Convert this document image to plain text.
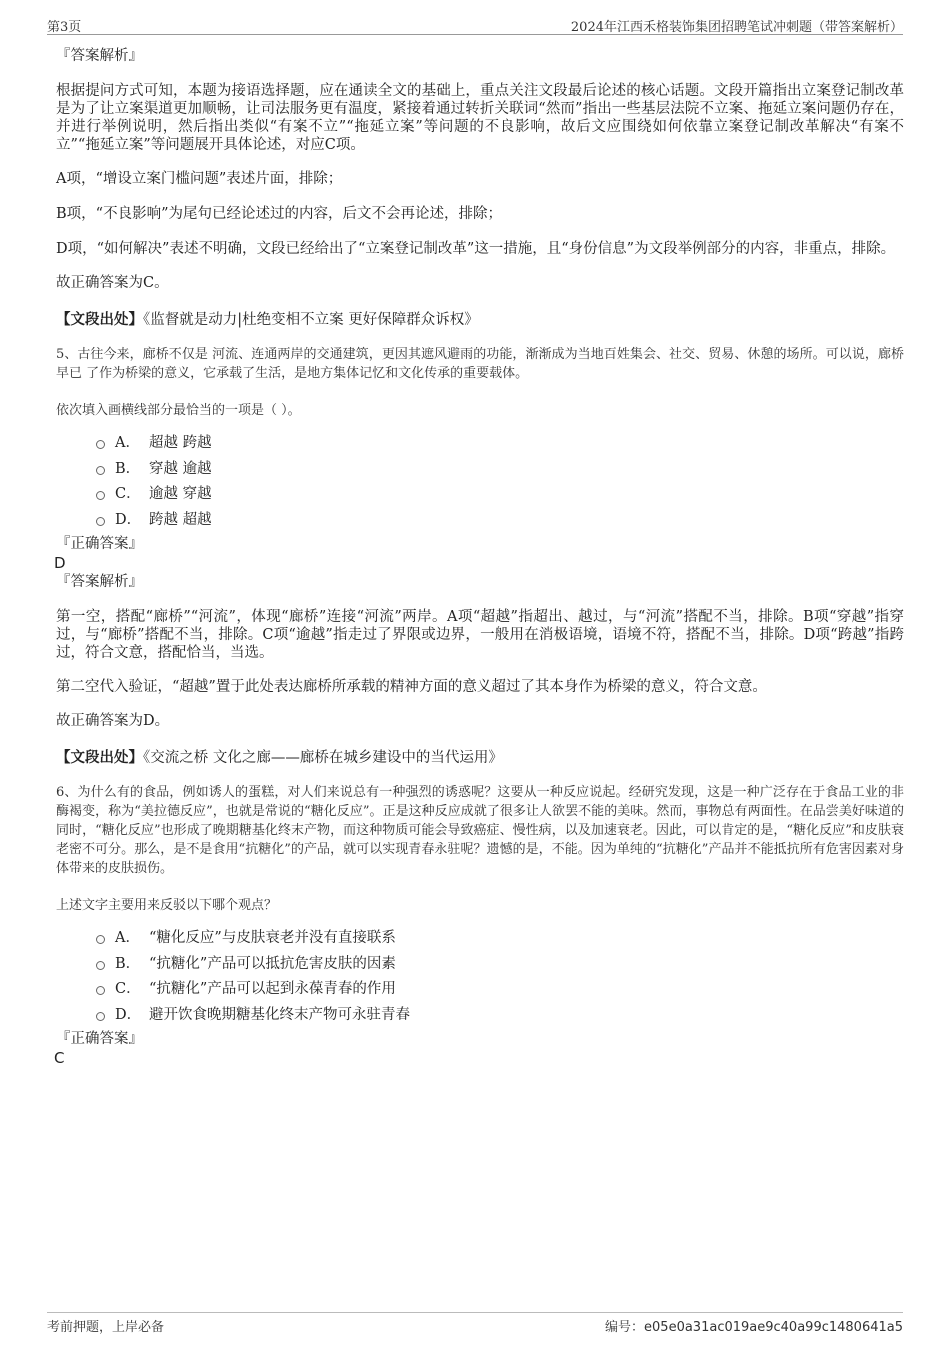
第3页	2024年江西禾格装饰集团招聘笔试冲刺题（带答案解析）

『答案解析』

根据提问方式可知，本题为接语选择题，应在通读全文的基础上，重点关注文段最后论述的核心话题。文段开篇指出立案登记制改革是为了让立案渠道更加顺畅，让司法服务更有温度，紧接着通过转折关联词“然而”指出一些基层法院不立案、拖延立案问题仍存在，并进行举例说明，然后指出类似“有案不立”“拖延立案”等问题的不良影响，故后文应围绕如何依靠立案登记制改革解决“有案不立”“拖延立案”等问题展开具体论述，对应C项。

A项，“增设立案门槛问题”表述片面，排除；

B项，“不良影响”为尾句已经论述过的内容，后文不会再论述，排除；

D项，“如何解决”表述不明确，文段已经给出了“立案登记制改革”这一措施，且“身份信息”为文段举例部分的内容，非重点，排除。

故正确答案为C。

【文段出处】《监督就是动力|杜绝变相不立案 更好保障群众诉权》

5、古往今来，廊桥不仅是 河流、连通两岸的交通建筑，更因其遮风避雨的功能，渐渐成为当地百姓集会、社交、贸易、休憩的场所。可以说，廊桥早已 了作为桥梁的意义，它承载了生活，是地方集体记忆和文化传承的重要载体。

依次填入画横线部分最恰当的一项是（ ）。

A． 超越 跨越
B． 穿越 逾越
C． 逾越 穿越
D． 跨越 超越

『正确答案』

D

『答案解析』

第一空，搭配“廊桥”“河流”，体现“廊桥”连接“河流”两岸。A项“超越”指超出、越过，与“河流”搭配不当，排除。B项“穿越”指穿过，与“廊桥”搭配不当，排除。C项“逾越”指走过了界限或边界，一般用在消极语境，语境不符，搭配不当，排除。D项“跨越”指跨过，符合文意，搭配恰当，当选。

第二空代入验证，“超越”置于此处表达廊桥所承载的精神方面的意义超过了其本身作为桥梁的意义，符合文意。

故正确答案为D。

【文段出处】《交流之桥 文化之廊——廊桥在城乡建设中的当代运用》

6、为什么有的食品，例如诱人的蛋糕，对人们来说总有一种强烈的诱惑呢？这要从一种反应说起。经研究发现，这是一种广泛存在于食品工业的非酶褐变，称为“美拉德反应”，也就是常说的“糖化反应”。正是这种反应成就了很多让人欲罢不能的美味。然而，事物总有两面性。在品尝美好味道的同时，“糖化反应”也形成了晚期糖基化终末产物，而这种物质可能会导致癌症、慢性病，以及加速衰老。因此，可以肯定的是，“糖化反应”和皮肤衰老密不可分。那么，是不是食用“抗糖化”的产品，就可以实现青春永驻呢？遗憾的是，不能。因为单纯的“抗糖化”产品并不能抵抗所有危害因素对身体带来的皮肤损伤。

上述文字主要用来反驳以下哪个观点？

A． “糖化反应”与皮肤衰老并没有直接联系
B． “抗糖化”产品可以抵抗危害皮肤的因素
C． “抗糖化”产品可以起到永葆青春的作用
D． 避开饮食晚期糖基化终末产物可永驻青春

『正确答案』

C

考前押题，上岸必备	编号：e05e0a31ac019ae9c40a99c1480641a5
